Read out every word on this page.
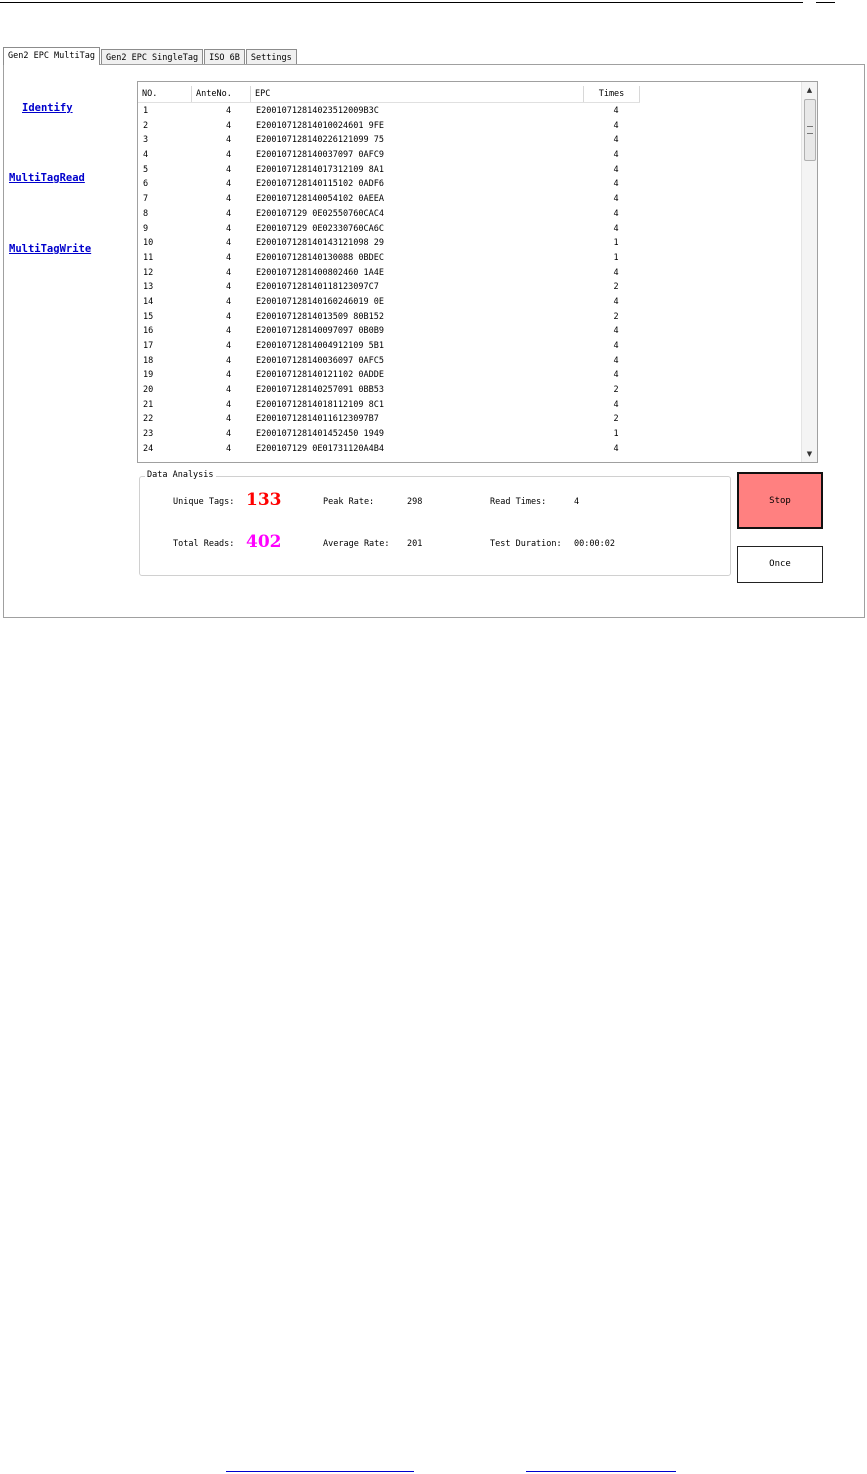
Gen2 EPC MultiTag	Gen2 EPC SingleTag	ISO 6B	Settings
Identify
MultiTagRead
MultiTagWrite
NO.	AnteNo.	EPC	Times
1	4	E20010712814023512009B3C	4
2	4	E20010712814010024601 9FE	4
3	4	E200107128140226121099 75	4
4	4	E200107128140037097 0AFC9	4
5	4	E20010712814017312109 8A1	4
6	4	E200107128140115102 0ADF6	4
7	4	E200107128140054102 0AEEA	4
8	4	E200107129 0E02550760CAC4	4
9	4	E200107129 0E02330760CA6C	4
10	4	E200107128140143121098 29	1
11	4	E200107128140130088 0BDEC	1
12	4	E2001071281400802460 1A4E	4
13	4	E200107128140118123097C7	2
14	4	E200107128140160246019 0E	4
15	4	E20010712814013509 80B152	2
16	4	E200107128140097097 0B0B9	4
17	4	E20010712814004912109 5B1	4
18	4	E200107128140036097 0AFC5	4
19	4	E200107128140121102 0ADDE	4
20	4	E200107128140257091 0BB53	2
21	4	E20010712814018112109 8C1	4
22	4	E200107128140116123097B7	2
23	4	E2001071281401452450 1949	1
24	4	E200107129 0E01731120A4B4	4
▲
▼
Data Analysis
Unique Tags: 133
Total Reads: 402
Peak Rate:	298
Average Rate: 201
Read Times:	4
Test Duration: 00:00:02
Stop
Once
